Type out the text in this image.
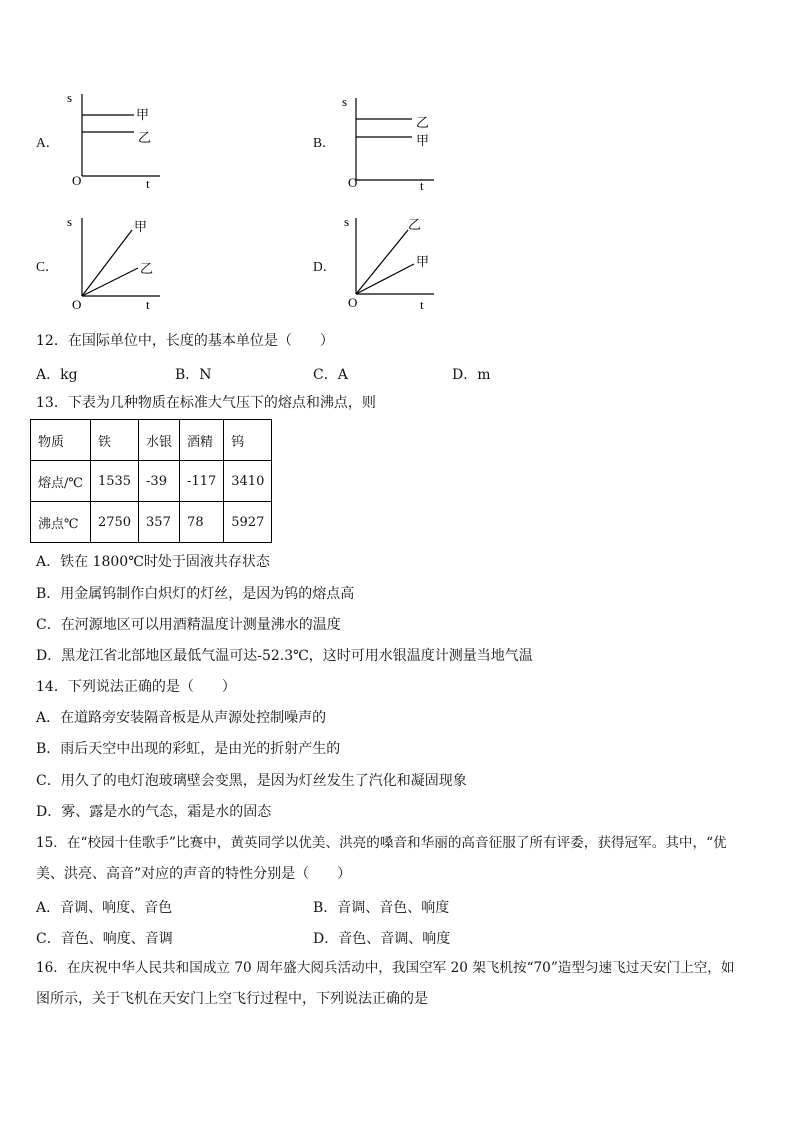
A．
s
O	t
甲
乙	B．
s
O	t
乙
甲
C．
s
O	t
甲
乙	D．
s
O	t
乙
甲
12．在国际单位中，长度的基本单位是（　　）
A．kg	B．N	C．A	D．m
13．下表为几种物质在标准大气压下的熔点和沸点，则
物质	铁	水银	酒精	钨
熔点/℃	1535	-39	-117	3410
沸点℃	2750	357	78	5927
A．铁在 1800℃时处于固液共存状态
B．用金属钨制作白炽灯的灯丝，是因为钨的熔点高
C．在河源地区可以用酒精温度计测量沸水的温度
D．黑龙江省北部地区最低气温可达-52.3℃，这时可用水银温度计测量当地气温
14．下列说法正确的是（　　）
A．在道路旁安装隔音板是从声源处控制噪声的
B．雨后天空中出现的彩虹，是由光的折射产生的
C．用久了的电灯泡玻璃壁会变黑，是因为灯丝发生了汽化和凝固现象
D．雾、露是水的气态，霜是水的固态
15．在“校园十佳歌手”比赛中，黄英同学以优美、洪亮的嗓音和华丽的高音征服了所有评委，获得冠军。其中，“优
美、洪亮、高音”对应的声音的特性分别是（　　）
A．音调、响度、音色	B．音调、音色、响度
C．音色、响度、音调	D．音色、音调、响度
16．在庆祝中华人民共和国成立 70 周年盛大阅兵活动中，我国空军 20 架飞机按“70”造型匀速飞过天安门上空，如
图所示，关于飞机在天安门上空飞行过程中，下列说法正确的是
